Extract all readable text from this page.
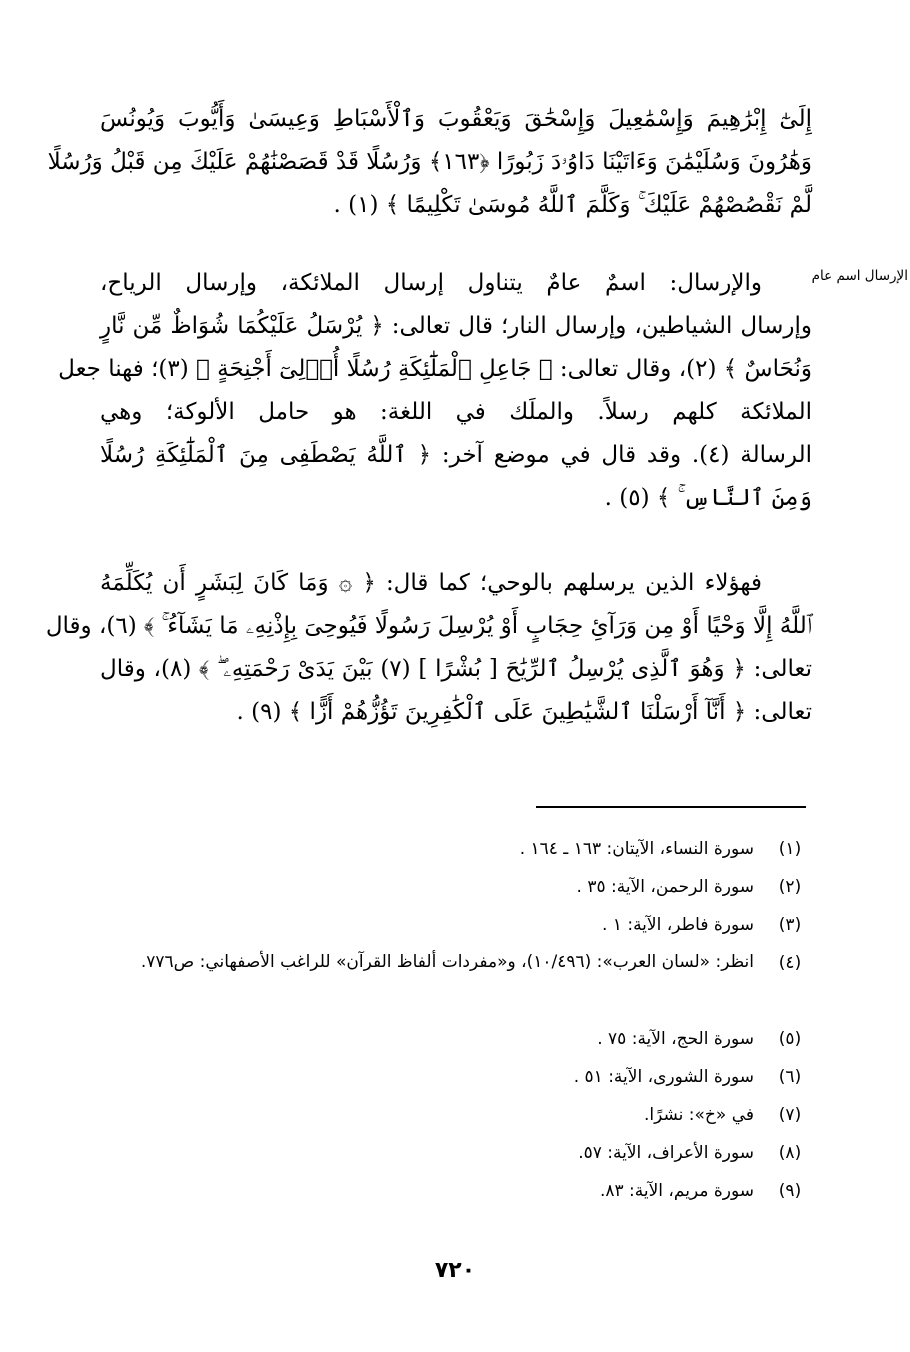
إِلَىٰٓ إِبْرَٰهِيمَ وَإِسْمَٰعِيلَ وَإِسْحَٰقَ وَيَعْقُوبَ وَٱلْأَسْبَاطِ وَعِيسَىٰ وَأَيُّوبَ وَيُونُسَ
وَهَٰرُونَ وَسُلَيْمَٰنَ وَءَاتَيْنَا دَاوُۥدَ زَبُورًا ﴿١٦٣﴾ وَرُسُلًا قَدْ قَصَصْنَٰهُمْ عَلَيْكَ مِن قَبْلُ وَرُسُلًا
لَّمْ نَقْصُصْهُمْ عَلَيْكَ ۚ وَكَلَّمَ ٱللَّهُ مُوسَىٰ تَكْلِيمًا ﴾ (١) .
الإرسال اسم عام
والإرسال: اسمٌ عامٌ يتناول إرسال الملائكة، وإرسال الرياح،
وإرسال الشياطين، وإرسال النار؛ قال تعالى: ﴿ يُرْسَلُ عَلَيْكُمَا شُوَاظٌ مِّن نَّارٍ
وَنُحَاسٌ ﴾ (٢)، وقال تعالى: ﴿ جَاعِلِ ٱلْمَلَٰٓئِكَةِ رُسُلًا أُو۟لِىٓ أَجْنِحَةٍ ﴾ (٣)؛ فهنا جعل
الملائكة كلهم رسلاً. والملَك في اللغة: هو حامل الألوكة؛ وهي
الرسالة (٤). وقد قال في موضع آخر: ﴿ ٱللَّهُ يَصْطَفِى مِنَ ٱلْمَلَٰٓئِكَةِ رُسُلًا
وَمِنَ ٱلنَّاسِ ۚ ﴾ (٥) .
فهؤلاء الذين يرسلهم بالوحي؛ كما قال: ﴿ ۞ وَمَا كَانَ لِبَشَرٍ أَن يُكَلِّمَهُ
ٱللَّهُ إِلَّا وَحْيًا أَوْ مِن وَرَآئِ حِجَابٍ أَوْ يُرْسِلَ رَسُولًا فَيُوحِىَ بِإِذْنِهِۦ مَا يَشَآءُ ۚ ﴾ (٦)، وقال
تعالى: ﴿ وَهُوَ ٱلَّذِى يُرْسِلُ ٱلرِّيَٰحَ [ بُشْرًا ] (٧) بَيْنَ يَدَىْ رَحْمَتِهِۦ ۖ ﴾ (٨)، وقال
تعالى: ﴿ أَنَّآ أَرْسَلْنَا ٱلشَّيَٰطِينَ عَلَى ٱلْكَٰفِرِينَ تَؤُزُّهُمْ أَزًّا ﴾ (٩) .
(١)
سورة النساء، الآيتان: ١٦٣ ـ ١٦٤ .
(٢)
سورة الرحمن، الآية: ٣٥ .
(٣)
سورة فاطر، الآية: ١ .
(٤)
انظر: «لسان العرب»: (١٠/٤٩٦)، و«مفردات ألفاظ القرآن» للراغب الأصفهاني: ص٧٧٦.
(٥)
سورة الحج، الآية: ٧٥ .
(٦)
سورة الشورى، الآية: ٥١ .
(٧)
في «خ»: نشرًا.
(٨)
سورة الأعراف، الآية: ٥٧.
(٩)
سورة مريم، الآية: ٨٣.
٧٢٠
